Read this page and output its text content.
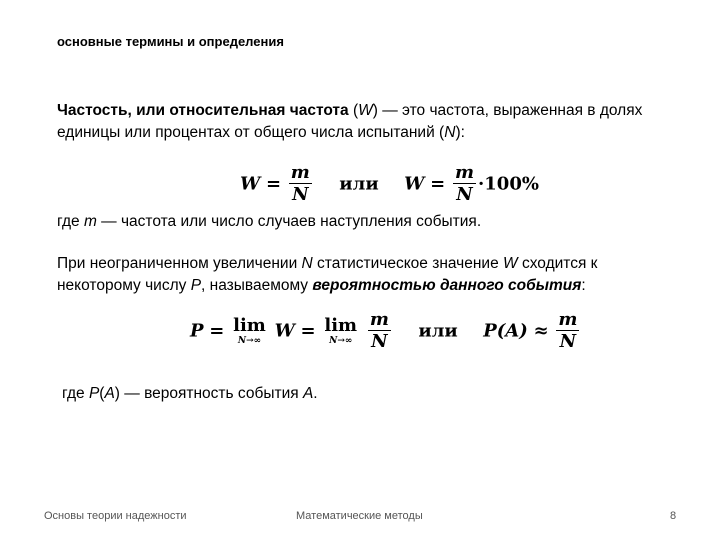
основные термины и определения
Частость, или относительная частота (W) — это частота, выраженная в долях единицы или процентах от общего числа испытаний (N):
$W = \frac{m}{N}$ или $W = \frac{m}{N} \cdot 100\%$
где m — частота или число случаев наступления события.
При неограниченном увеличении N статистическое значение W сходится к некоторому числу P, называемому вероятностью данного события:
P = lim
N→∞ W = lim
N→∞
$\frac{m}{N}$ или $P(A) \approx \frac{m}{N}$
где P(A) — вероятность события A.
Основы теории надежности	Математические методы	8
